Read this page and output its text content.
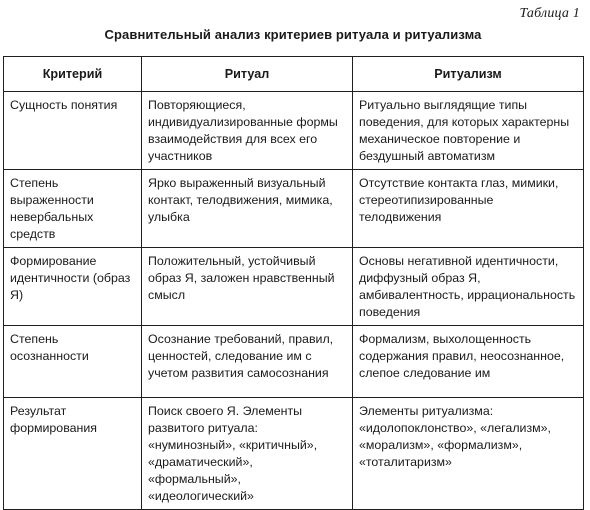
Таблица 1
Сравнительный анализ критериев ритуала и ритуализма
Критерий	Ритуал	Ритуализм
Сущность понятия	Повторяющиеся, индивидуализированные формы взаимодействия для всех его участников	Ритуально выглядящие типы поведения, для которых характерны механическое повторение и бездушный автоматизм
Степень выраженности невербальных средств	Ярко выраженный визуальный контакт, телодвижения, мимика, улыбка	Отсутствие контакта глаз, мимики, стереотипизированные телодвижения
Формирование идентичности (образ Я)	Положительный, устойчивый образ Я, заложен нравственный смысл	Основы негативной идентичности, диффузный образ Я, амбивалентность, иррациональность поведения
Степень осознанности	Осознание требований, правил, ценностей, следование им с учетом развития самосознания	Формализм, выхолощенность содержания правил, неосознанное, слепое следование им
Результат формирования	Поиск своего Я. Элементы развитого ритуала: «нуминозный», «критичный», «драматический», «формальный», «идеологический»	Элементы ритуализма: «идолопоклонство», «легализм», «морализм», «формализм», «тоталитаризм»
